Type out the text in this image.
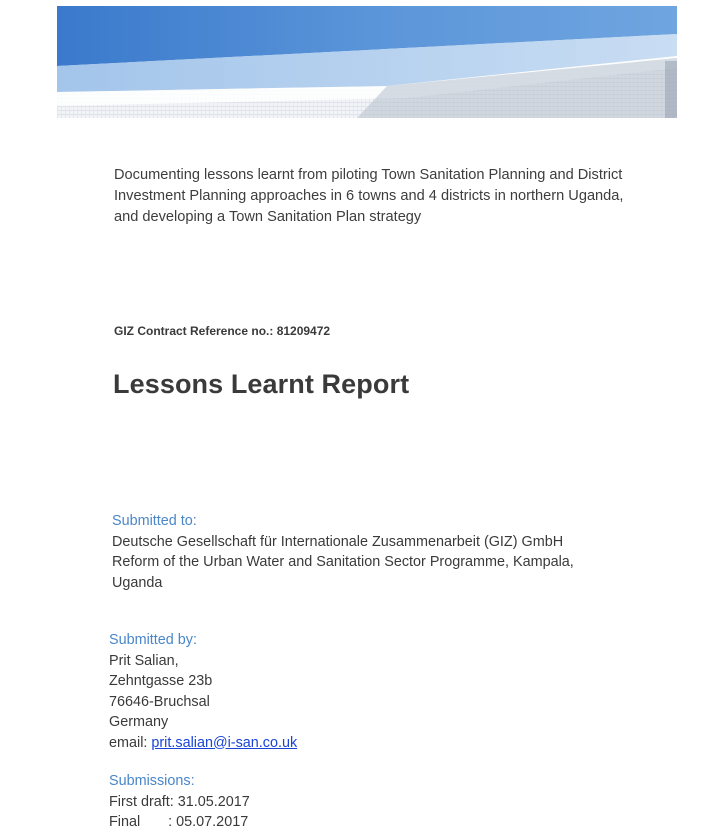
Documenting lessons learnt from piloting Town Sanitation Planning and District
Investment Planning approaches in 6 towns and 4 districts in northern Uganda,
and developing a Town Sanitation Plan strategy

GIZ Contract Reference no.: 81209472

Lessons Learnt Report
Submitted to:
Deutsche Gesellschaft für Internationale Zusammenarbeit (GIZ) GmbH
Reform of the Urban Water and Sanitation Sector Programme, Kampala,
Uganda
Submitted by:
Prit Salian,
Zehntgasse 23b
76646-Bruchsal
Germany
email: prit.salian@i-san.co.uk
Submissions:
First draft: 31.05.2017
Final       : 05.07.2017
